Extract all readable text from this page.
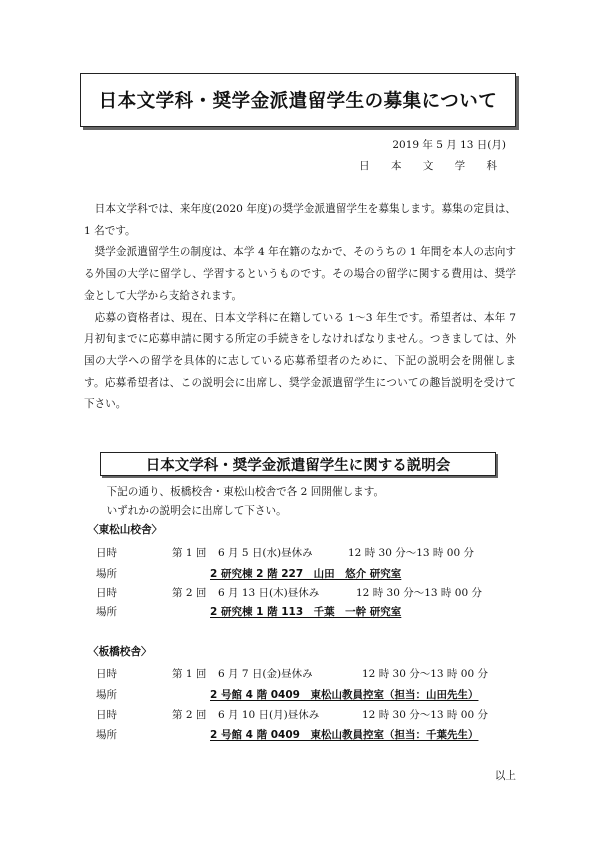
日本文学科・奨学金派遣留学生の募集について
2019 年 5 月 13 日(月)
日 本 文 学 科

日本文学科では、来年度(2020 年度)の奨学金派遣留学生を募集します。募集の定員は、1 名です。

奨学金派遣留学生の制度は、本学 4 年在籍のなかで、そのうちの 1 年間を本人の志向する外国の大学に留学し、学習するというものです。その場合の留学に関する費用は、奨学金として大学から支給されます。

応募の資格者は、現在、日本文学科に在籍している 1〜3 年生です。希望者は、本年 7 月初旬までに応募申請に関する所定の手続きをしなければなりません。つきましては、外国の大学への留学を具体的に志している応募希望者のために、下記の説明会を開催します。応募希望者は、この説明会に出席し、奨学金派遣留学生についての趣旨説明を受けて下さい。

日本文学科・奨学金派遣留学生に関する説明会

下記の通り、板橋校舎・東松山校舎で各 2 回開催します。

いずれかの説明会に出席して下さい。

〈東松山校舎〉
日時	第 1 回 6 月 5 日(水)昼休み	12 時 30 分〜13 時 00 分
場所	2 研究棟 2 階 227　山田　悠介 研究室
日時	第 2 回 6 月 13 日(木)昼休み	12 時 30 分〜13 時 00 分
場所	2 研究棟 1 階 113　千葉　一幹 研究室
〈板橋校舎〉
日時	第 1 回 6 月 7 日(金)昼休み	12 時 30 分〜13 時 00 分
場所	2 号館 4 階 0409　東松山教員控室（担当：山田先生）
日時	第 2 回 6 月 10 日(月)昼休み	12 時 30 分〜13 時 00 分
場所	2 号館 4 階 0409　東松山教員控室（担当：千葉先生）
以上
